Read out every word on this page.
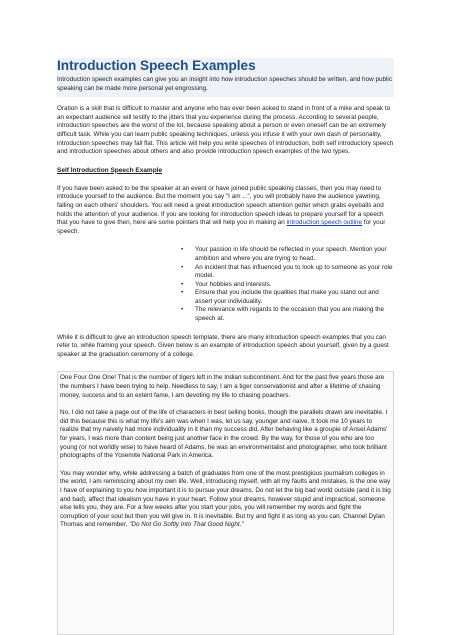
Introduction Speech Examples

Introduction speech examples can give you an insight into how introduction speeches should be written, and how public speaking can be made more personal yet engrossing.

Oration is a skill that is difficult to master and anyone who has ever been asked to stand in front of a mike and speak to an expectant audience will testify to the jitters that you experience during the process. According to several people, introduction speeches are the worst of the lot, because speaking about a person or even oneself can be an extremely difficult task. While you can learn public speaking techniques, unless you infuse it with your own dash of personality, introduction speeches may fall flat. This article will help you write speeches of introduction, both self introductory speech and introduction speeches about others and also provide introduction speech examples of the two types.

Self Introduction Speech Example

If you have been asked to be the speaker at an event or have joined public speaking classes, then you may need to introduce yourself to the audience. But the moment you say "I am ...", you will probably have the audience yawning, falling on each others' shoulders. You will need a great introduction speech attention getter which grabs eyeballs and holds the attention of your audience. If you are looking for introduction speech ideas to prepare yourself for a speech that you have to give then, here are some pointers that will help you in making an introduction speech outline for your speech.

• Your passion in life should be reflected in your speech. Mention your ambition and where you are trying to head.
• An incident that has influenced you to look up to someone as your role model.
• Your hobbies and interests.
• Ensure that you include the qualities that make you stand out and assert your individuality.
• The relevance with regards to the occasion that you are making the speech at.

While it is difficult to give an introduction speech template, there are many introduction speech examples that you can refer to, while framing your speech. Given below is an example of introduction speech about yourself, given by a guest speaker at the graduation ceremony of a college.

One Four One One! That is the number of tigers left in the Indian subcontinent. And for the past five years those are the numbers I have been trying to help. Needless to say, I am a tiger conservationist and after a lifetime of chasing money, success and to an extent fame, I am devoting my life to chasing poachers.

No, I did not take a page out of the life of characters in best selling books, though the parallels drawn are inevitable. I did this because this is what my life's aim was when I was, let us say, younger and naive. It took me 10 years to realize that my naivety had more individuality in it than my success did. After behaving like a groupie of Ansel Adams' for years, I was more than content being just another face in the crowd. By the way, for those of you who are too young (or not worldly wise) to have heard of Adams, he was an environmentalist and photographer, who took brilliant photographs of the Yosemite National Park in America.

You may wonder why, while addressing a batch of graduates from one of the most prestigious journalism colleges in the world, I am reminiscing about my own life. Well, introducing myself, with all my faults and mistakes, is the one way I have of explaining to you how important it is to pursue your dreams. Do not let the big bad world outside (and it is big and bad), affect that idealism you have in your heart. Follow your dreams, however stupid and impractical, someone else tells you, they are. For a few weeks after you start your jobs, you will remember my words and fight the corruption of your soul but then you will give in. It is inevitable. But try and fight it as long as you can. Channel Dylan Thomas and remember, "Do Not Go Softly Into That Good Night."
